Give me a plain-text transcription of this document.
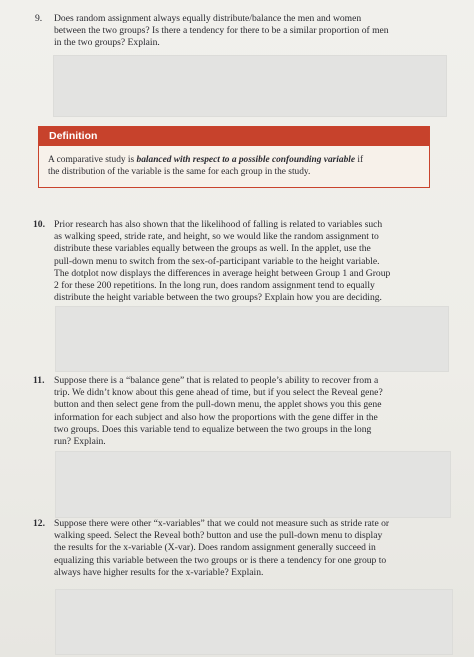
9. Does random assignment always equally distribute/balance the men and women
between the two groups? Is there a tendency for there to be a similar proportion of men
in the two groups? Explain.
Definition
A comparative study is balanced with respect to a possible confounding variable if
the distribution of the variable is the same for each group in the study.
10. Prior research has also shown that the likelihood of falling is related to variables such
as walking speed, stride rate, and height, so we would like the random assignment to
distribute these variables equally between the groups as well. In the applet, use the
pull-down menu to switch from the sex-of-participant variable to the height variable.
The dotplot now displays the differences in average height between Group 1 and Group
2 for these 200 repetitions. In the long run, does random assignment tend to equally
distribute the height variable between the two groups? Explain how you are deciding.
11. Suppose there is a “balance gene” that is related to people’s ability to recover from a
trip. We didn’t know about this gene ahead of time, but if you select the Reveal gene?
button and then select gene from the pull-down menu, the applet shows you this gene
information for each subject and also how the proportions with the gene differ in the
two groups. Does this variable tend to equalize between the two groups in the long
run? Explain.
12. Suppose there were other “x-variables” that we could not measure such as stride rate or
walking speed. Select the Reveal both? button and use the pull-down menu to display
the results for the x-variable (X-var). Does random assignment generally succeed in
equalizing this variable between the two groups or is there a tendency for one group to
always have higher results for the x-variable? Explain.
